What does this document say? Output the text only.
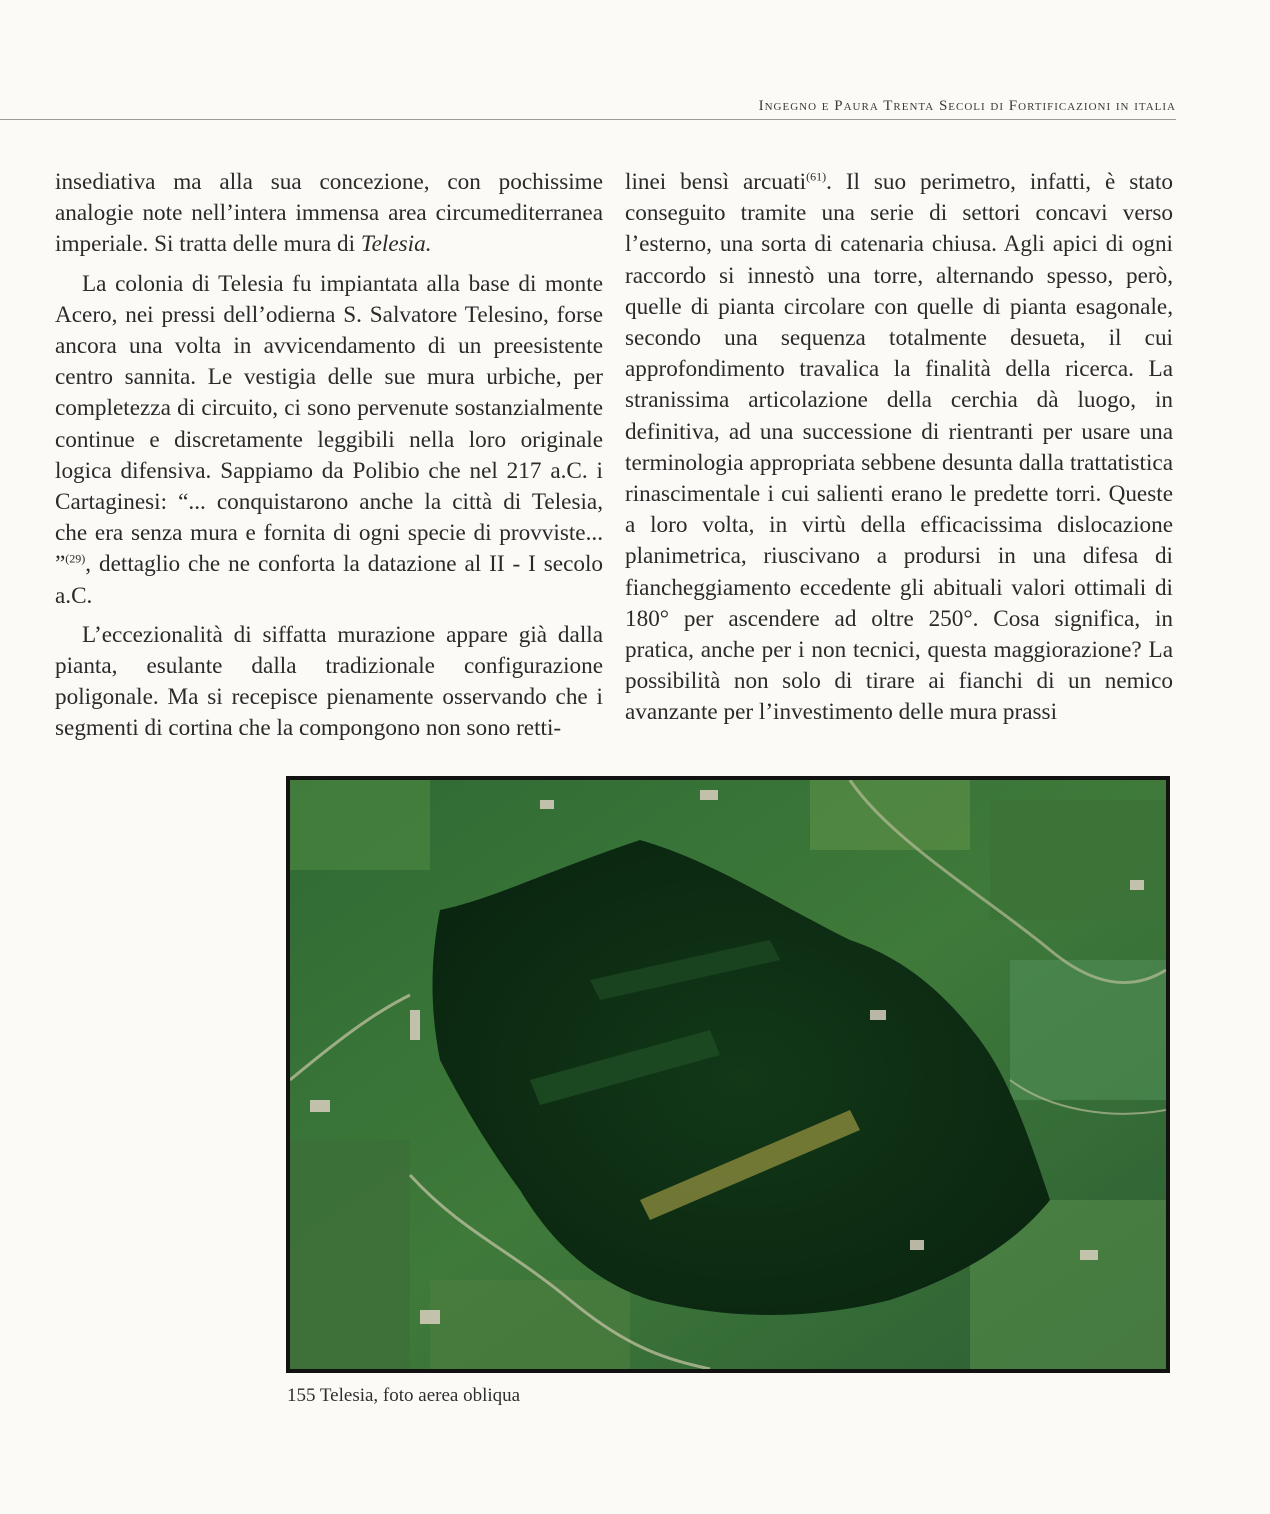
Ingegno e Paura Trenta Secoli di Fortificazioni in italia

insediativa ma alla sua concezione, con pochissime analogie note nell’intera immensa area circumediterranea imperiale. Si tratta delle mura di Telesia.

La colonia di Telesia fu impiantata alla base di monte Acero, nei pressi dell’odierna S. Salvatore Telesino, forse ancora una volta in avvicendamento di un preesistente centro sannita. Le vestigia delle sue mura urbiche, per completezza di circuito, ci sono pervenute sostanzialmente continue e discretamente leggibili nella loro originale logica difensiva. Sappiamo da Polibio che nel 217 a.C. i Cartaginesi: “... conquistarono anche la città di Telesia, che era senza mura e fornita di ogni specie di provviste... ”$^{(29)}$, dettaglio che ne conforta la datazione al II - I secolo a.C.

L’eccezionalità di siffatta murazione appare già dalla pianta, esulante dalla tradizionale configurazione poligonale. Ma si recepisce pienamente osservando che i segmenti di cortina che la compongono non sono retti-

linei bensì arcuati$^{(61)}$. Il suo perimetro, infatti, è stato conseguito tramite una serie di settori concavi verso l’esterno, una sorta di catenaria chiusa. Agli apici di ogni raccordo si innestò una torre, alternando spesso, però, quelle di pianta circolare con quelle di pianta esagonale, secondo una sequenza totalmente desueta, il cui approfondimento travalica la finalità della ricerca. La stranissima articolazione della cerchia dà luogo, in definitiva, ad una successione di rientranti per usare una terminologia appropriata sebbene desunta dalla trattatistica rinascimentale i cui salienti erano le predette torri. Queste a loro volta, in virtù della efficacissima dislocazione planimetrica, riuscivano a prodursi in una difesa di fiancheggiamento eccedente gli abituali valori ottimali di 180° per ascendere ad oltre 250°. Cosa significa, in pratica, anche per i non tecnici, questa maggiorazione? La possibilità non solo di tirare ai fianchi di un nemico avanzante per l’investimento delle mura prassi

155 Telesia, foto aerea obliqua
